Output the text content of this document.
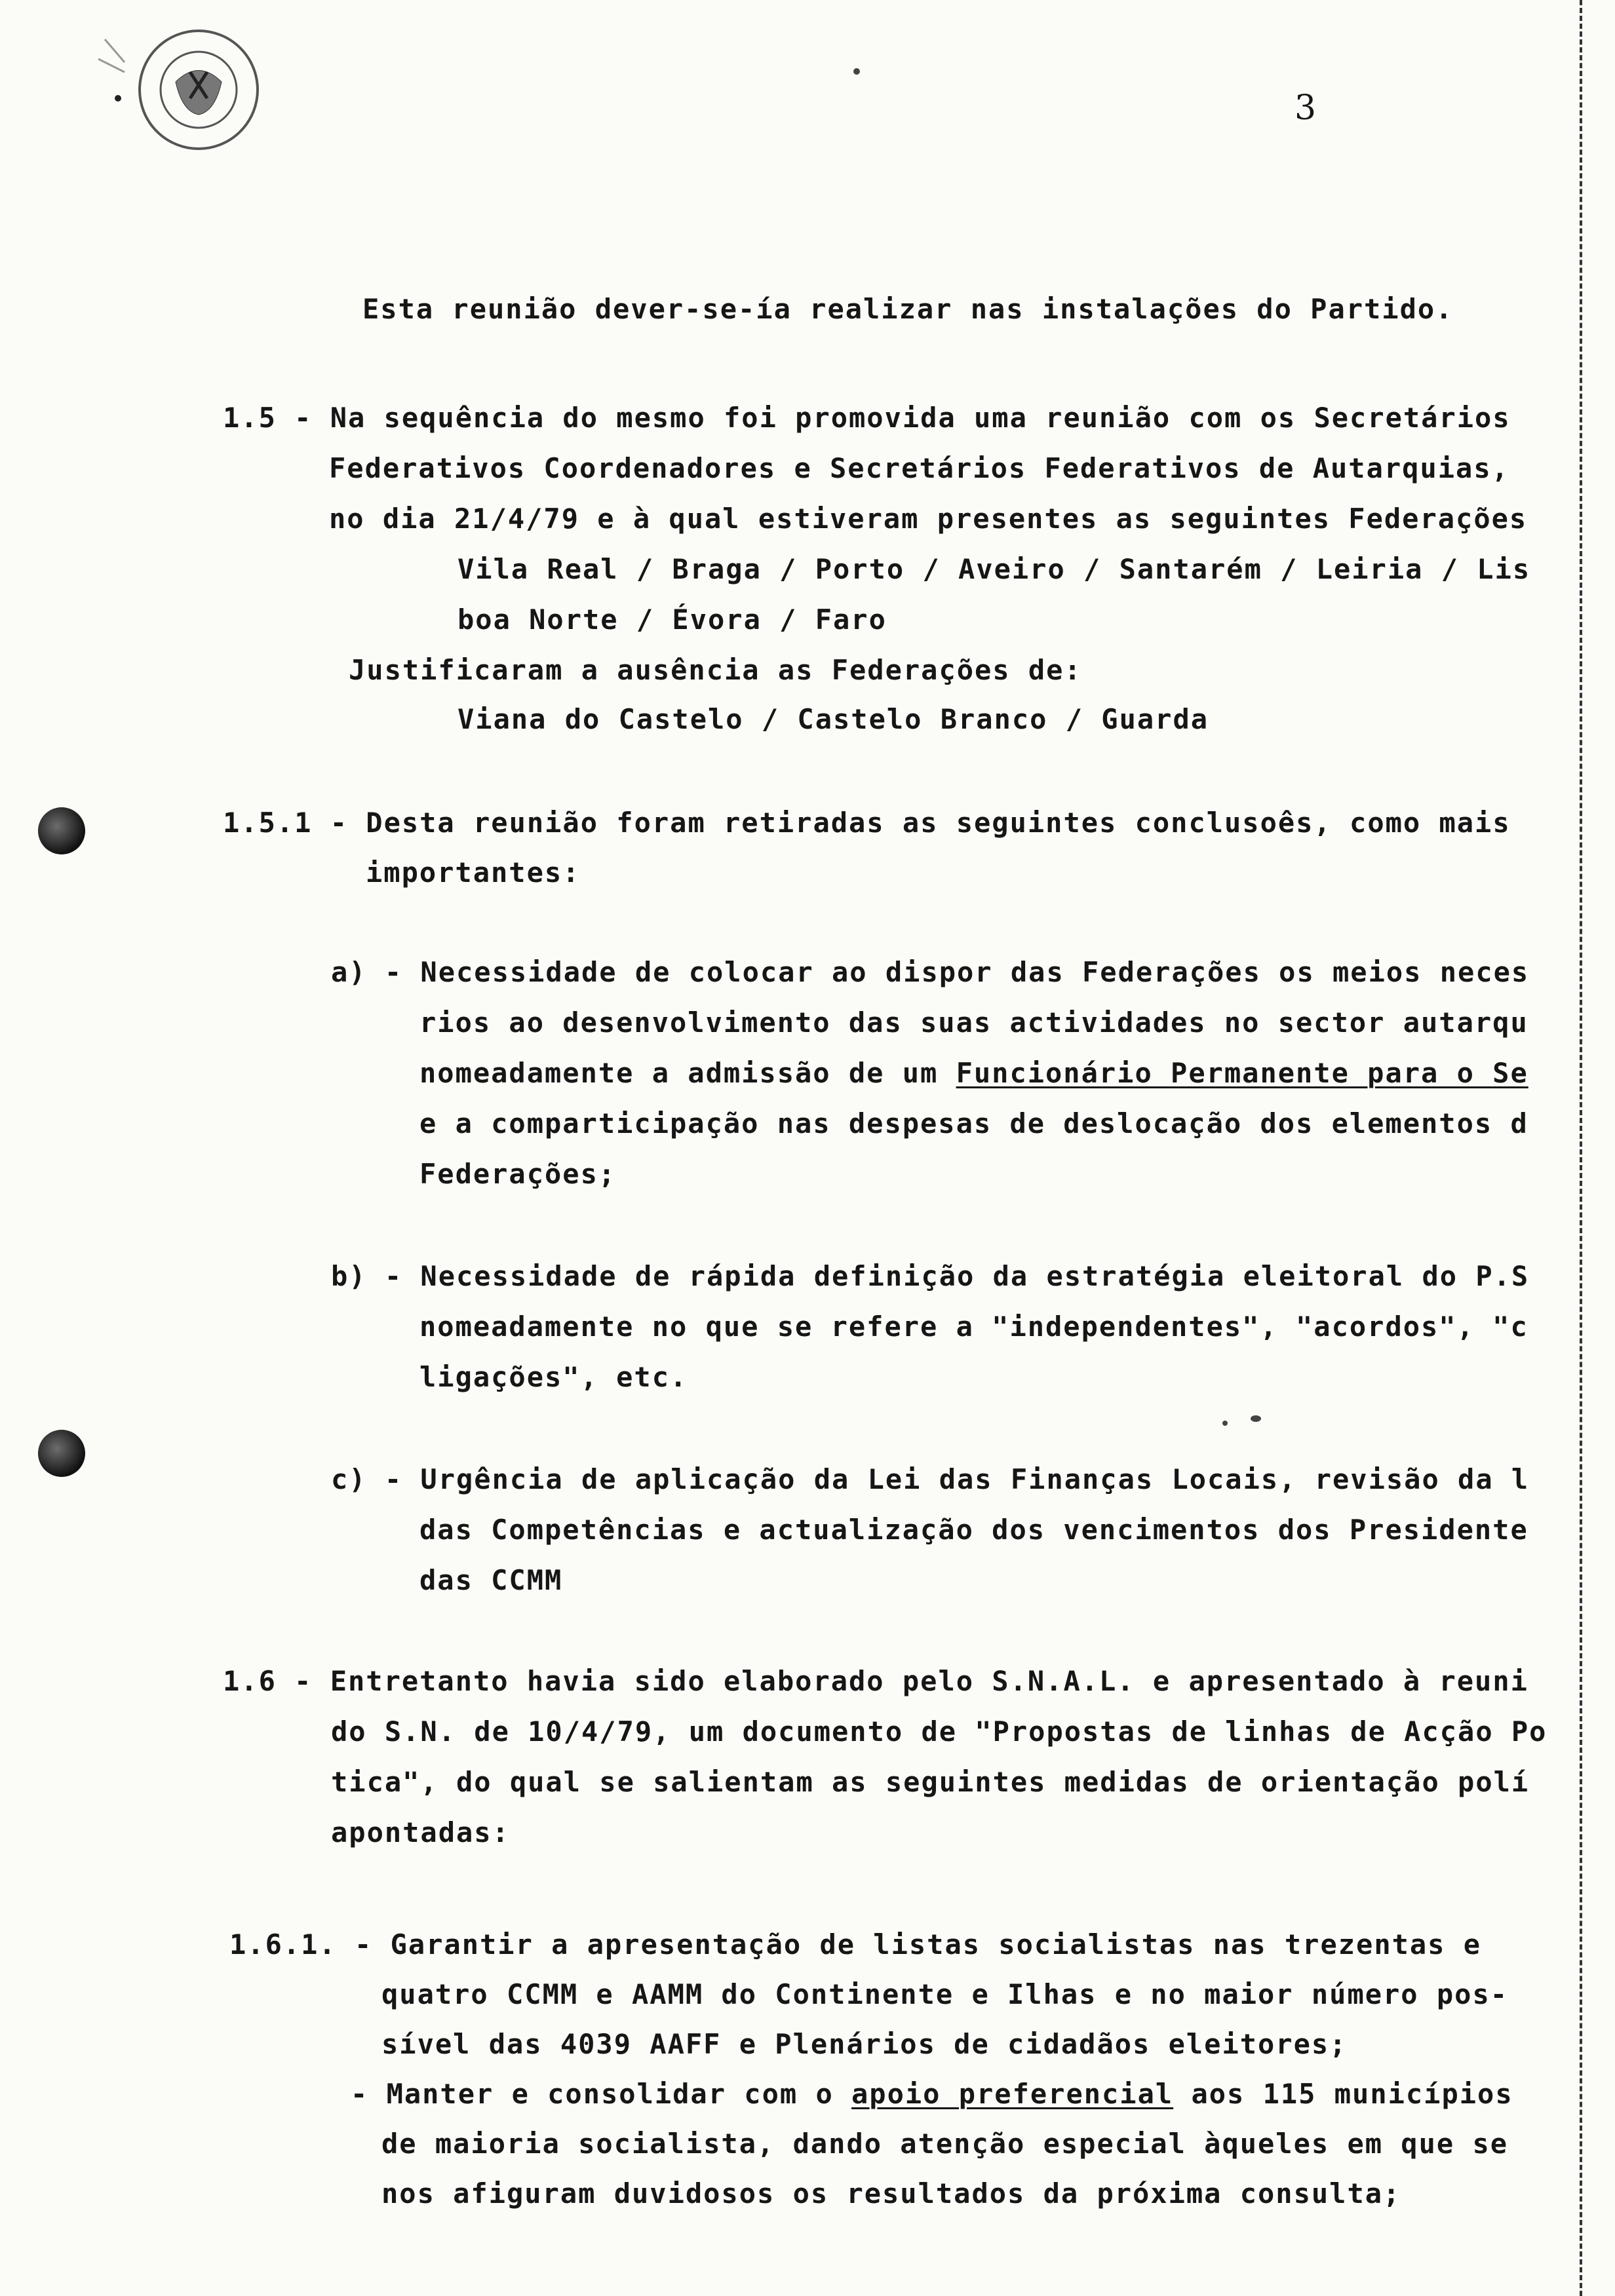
3
Esta reunião dever-se-ía realizar nas instalações do Partido.
1.5 - Na sequência do mesmo foi promovida uma reunião com os Secretários
Federativos Coordenadores e Secretários Federativos de Autarquias,
no dia 21/4/79 e à qual estiveram presentes as seguintes Federações
Vila Real / Braga / Porto / Aveiro / Santarém / Leiria / Lis
boa Norte / Évora / Faro
Justificaram a ausência as Federações de:
Viana do Castelo / Castelo Branco / Guarda
1.5.1 - Desta reunião foram retiradas as seguintes conclusoês, como mais
importantes:
a) - Necessidade de colocar ao dispor das Federações os meios neces
rios ao desenvolvimento das suas actividades no sector autarqu
nomeadamente a admissão de um Funcionário Permanente para o Se
e a comparticipação nas despesas de deslocação dos elementos d
Federações;
b) - Necessidade de rápida definição da estratégia eleitoral do P.S
nomeadamente no que se refere a "independentes", "acordos", "c
ligações", etc.
c) - Urgência de aplicação da Lei das Finanças Locais, revisão da l
das Competências e actualização dos vencimentos dos Presidente
das CCMM
1.6 - Entretanto havia sido elaborado pelo S.N.A.L. e apresentado à reuni
do S.N. de 10/4/79, um documento de "Propostas de linhas de Acção Po
tica", do qual se salientam as seguintes medidas de orientação polí
apontadas:
1.6.1. - Garantir a apresentação de listas socialistas nas trezentas e
quatro CCMM e AAMM do Continente e Ilhas e no maior número pos-
sível das 4039 AAFF e Plenários de cidadãos eleitores;
- Manter e consolidar com o apoio preferencial aos 115 municípios
de maioria socialista, dando atenção especial àqueles em que se
nos afiguram duvidosos os resultados da próxima consulta;
